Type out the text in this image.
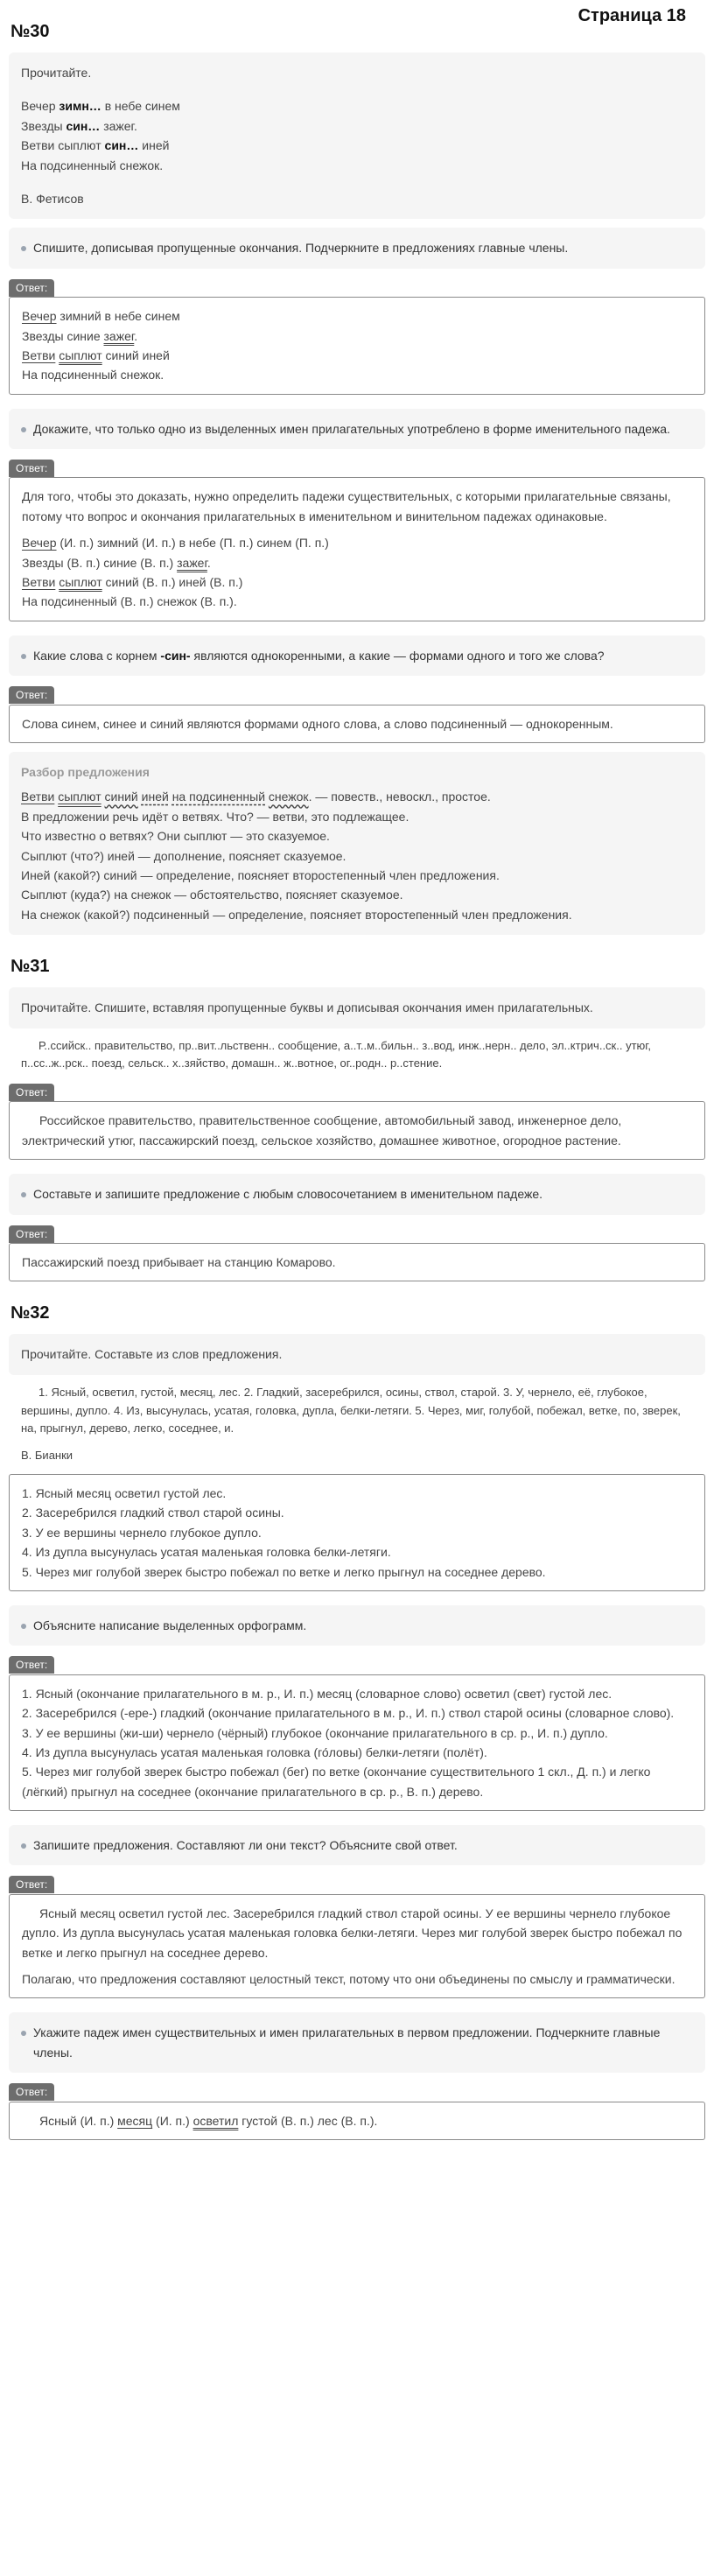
Страница 18
№30

Прочитайте.

Вечер зимн… в небе синем

Звезды син… зажег.

Ветви сыплют син… иней

На подсиненный снежок.

В. Фетисов

Спишите, дописывая пропущенные окончания. Подчеркните в предложениях главные члены.
Ответ:

Вечер зимний в небе синем

Звезды синие зажег.

Ветви сыплют синий иней

На подсиненный снежок.

Докажите, что только одно из выделенных имен прилагательных употреблено в форме именительного падежа.
Ответ:

Для того, чтобы это доказать, нужно определить падежи существительных, с которыми прилагательные связаны, потому что вопрос и окончания прилагательных в именительном и винительном падежах одинаковые.

Вечер (И. п.) зимний (И. п.) в небе (П. п.) синем (П. п.)

Звезды (В. п.) синие (В. п.) зажег.

Ветви сыплют синий (В. п.) иней (В. п.)

На подсиненный (В. п.) снежок (В. п.).

Какие слова с корнем -син- являются однокоренными, а какие — формами одного и того же слова?
Ответ:

Слова синем, синее и синий являются формами одного слова, а слово подсиненный — однокоренным.

Разбор предложения

Ветви сыплют синий иней на подсиненный снежок. — повеств., невоскл., простое.

В предложении речь идёт о ветвях. Что? — ветви, это подлежащее.

Что известно о ветвях? Они сыплют — это сказуемое.

Сыплют (что?) иней — дополнение, поясняет сказуемое.

Иней (какой?) синий — определение, поясняет второстепенный член предложения.

Сыплют (куда?) на снежок — обстоятельство, поясняет сказуемое.

На снежок (какой?) подсиненный — определение, поясняет второстепенный член предложения.

№31
Прочитайте. Спишите, вставляя пропущенные буквы и дописывая окончания имен прилагательных.

Р..ссийск.. правительство, пр..вит..льственн.. сообщение, а..т..м..бильн.. з..вод, инж..нерн.. дело, эл..ктрич..ск.. утюг, п..сс..ж..рск.. поезд, сельск.. х..зяйство, домашн.. ж..вотное, ог..родн.. р..стение.

Ответ:

Российское правительство, правительственное сообщение, автомобильный завод, инженерное дело, электрический утюг, пассажирский поезд, сельское хозяйство, домашнее животное, огородное растение.

Составьте и запишите предложение с любым словосочетанием в именительном падеже.
Ответ:

Пассажирский поезд прибывает на станцию Комарово.

№32
Прочитайте. Составьте из слов предложения.

1. Ясный, осветил, густой, месяц, лес. 2. Гладкий, засеребрился, осины, ствол, старой. 3. У, чернело, её, глубокое, вершины, дупло. 4. Из, высунулась, усатая, головка, дупла, белки-летяги. 5. Через, миг, голубой, побежал, ветке, по, зверек, на, прыгнул, дерево, легко, соседнее, и.

В. Бианки

1. Ясный месяц осветил густой лес.

2. Засеребрился гладкий ствол старой осины.

3. У ее вершины чернело глубокое дупло.

4. Из дупла высунулась усатая маленькая головка белки-летяги.

5. Через миг голубой зверек быстро побежал по ветке и легко прыгнул на соседнее дерево.

Объясните написание выделенных орфограмм.
Ответ:

1. Ясный (окончание прилагательного в м. р., И. п.) месяц (словарное слово) осветил (свет) густой лес.

2. Засеребрился (-ере-) гладкий (окончание прилагательного в м. р., И. п.) ствол старой осины (словарное слово).

3. У ее вершины (жи-ши) чернело (чёрный) глубокое (окончание прилагательного в ср. р., И. п.) дупло.

4. Из дупла высунулась усатая маленькая головка (го́ловы) белки-летяги (полёт).

5. Через миг голубой зверек быстро побежал (бег) по ветке (окончание существительного 1 скл., Д. п.) и легко (лёгкий) прыгнул на соседнее (окончание прилагательного в ср. р., В. п.) дерево.

Запишите предложения. Составляют ли они текст? Объясните свой ответ.
Ответ:

Ясный месяц осветил густой лес. Засеребрился гладкий ствол старой осины. У ее вершины чернело глубокое дупло. Из дупла высунулась усатая маленькая головка белки-летяги. Через миг голубой зверек быстро побежал по ветке и легко прыгнул на соседнее дерево.

Полагаю, что предложения составляют целостный текст, потому что они объединены по смыслу и грамматически.

Укажите падеж имен существительных и имен прилагательных в первом предложении. Подчеркните главные члены.
Ответ:

Ясный (И. п.) месяц (И. п.) осветил густой (В. п.) лес (В. п.).
